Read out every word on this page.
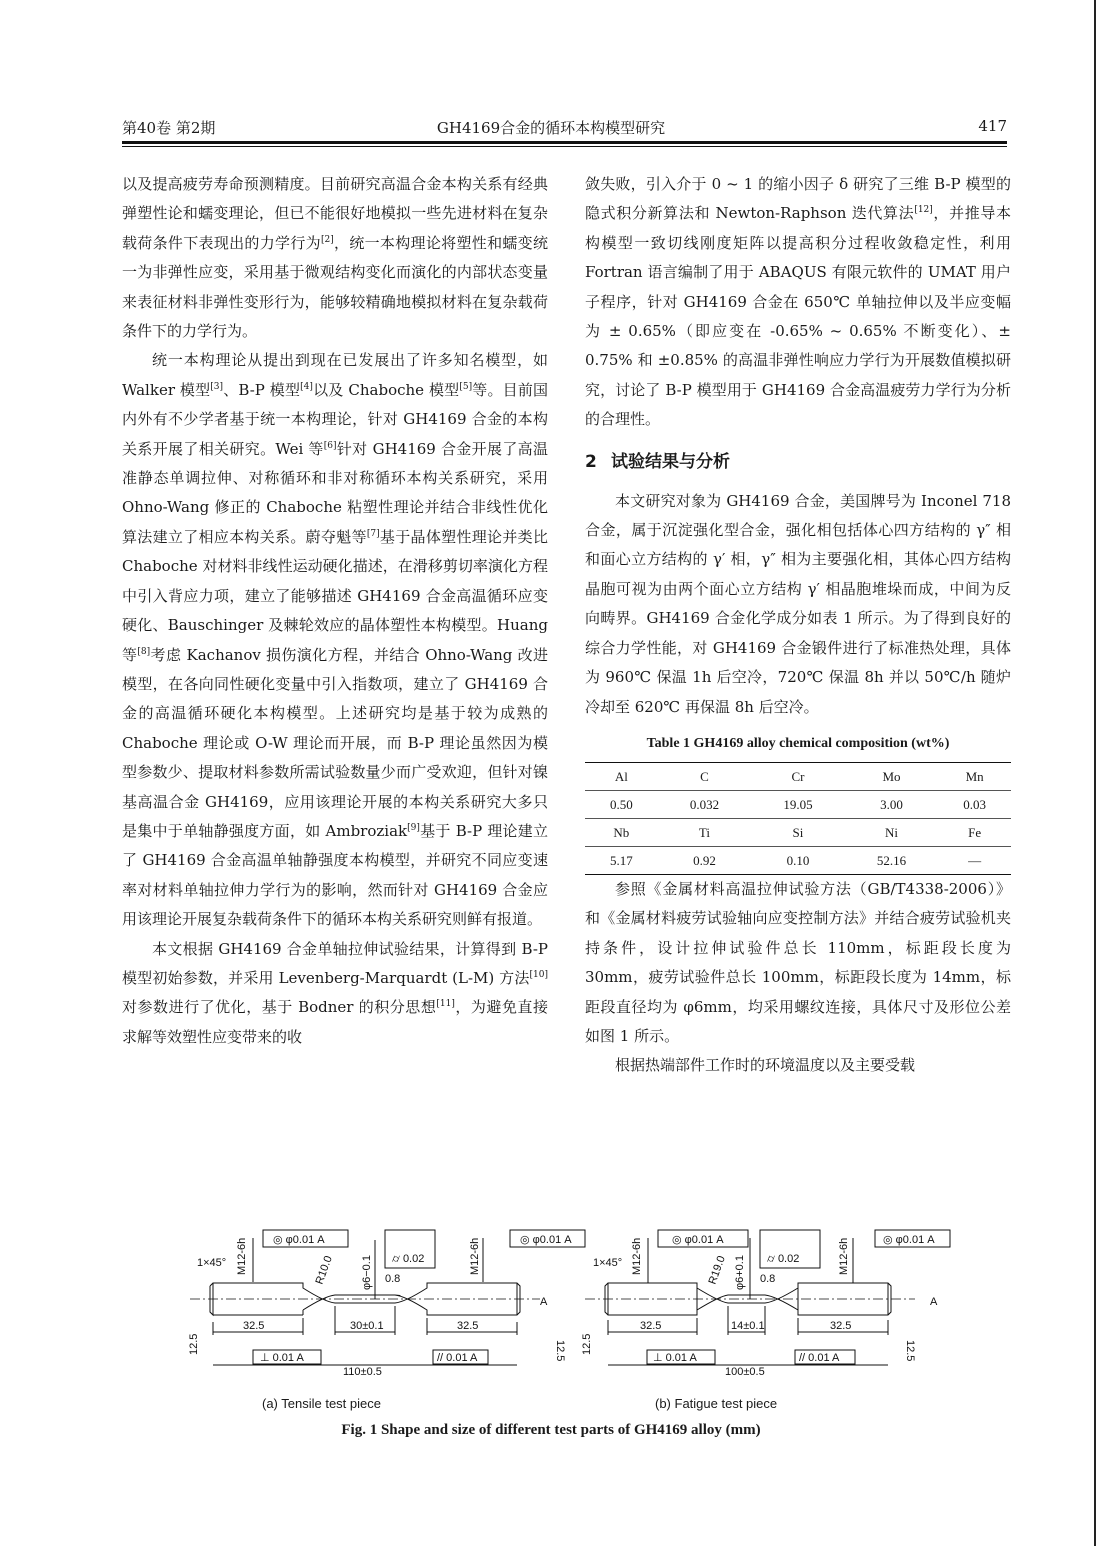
第40卷 第2期	GH4169合金的循环本构模型研究	417

以及提高疲劳寿命预测精度。目前研究高温合金本构关系有经典弹塑性论和蠕变理论，但已不能很好地模拟一些先进材料在复杂载荷条件下表现出的力学行为[2]，统一本构理论将塑性和蠕变统一为非弹性应变，采用基于微观结构变化而演化的内部状态变量来表征材料非弹性变形行为，能够较精确地模拟材料在复杂载荷条件下的力学行为。

统一本构理论从提出到现在已发展出了许多知名模型，如 Walker 模型[3]、B-P 模型[4]以及 Chaboche 模型[5]等。目前国内外有不少学者基于统一本构理论，针对 GH4169 合金的本构关系开展了相关研究。Wei 等[6]针对 GH4169 合金开展了高温准静态单调拉伸、对称循环和非对称循环本构关系研究，采用 Ohno-Wang 修正的 Chaboche 粘塑性理论并结合非线性优化算法建立了相应本构关系。蔚夺魁等[7]基于晶体塑性理论并类比 Chaboche 对材料非线性运动硬化描述，在滑移剪切率演化方程中引入背应力项，建立了能够描述 GH4169 合金高温循环应变硬化、Bauschinger 及棘轮效应的晶体塑性本构模型。Huang 等[8]考虑 Kachanov 损伤演化方程，并结合 Ohno-Wang 改进模型，在各向同性硬化变量中引入指数项，建立了 GH4169 合金的高温循环硬化本构模型。上述研究均是基于较为成熟的 Chaboche 理论或 O-W 理论而开展，而 B-P 理论虽然因为模型参数少、提取材料参数所需试验数量少而广受欢迎，但针对镍基高温合金 GH4169，应用该理论开展的本构关系研究大多只是集中于单轴静强度方面，如 Ambroziak[9]基于 B-P 理论建立了 GH4169 合金高温单轴静强度本构模型，并研究不同应变速率对材料单轴拉伸力学行为的影响，然而针对 GH4169 合金应用该理论开展复杂载荷条件下的循环本构关系研究则鲜有报道。

本文根据 GH4169 合金单轴拉伸试验结果，计算得到 B-P 模型初始参数，并采用 Levenberg-Marquardt (L-M) 方法[10]对参数进行了优化，基于 Bodner 的积分思想[11]，为避免直接求解等效塑性应变带来的收

敛失败，引入介于 0 ~ 1 的缩小因子 δ 研究了三维 B-P 模型的隐式积分新算法和 Newton-Raphson 迭代算法[12]，并推导本构模型一致切线刚度矩阵以提高积分过程收敛稳定性，利用 Fortran 语言编制了用于 ABAQUS 有限元软件的 UMAT 用户子程序，针对 GH4169 合金在 650℃ 单轴拉伸以及半应变幅为 ± 0.65%（即应变在 -0.65% ~ 0.65% 不断变化）、± 0.75% 和 ±0.85% 的高温非弹性响应力学行为开展数值模拟研究，讨论了 B-P 模型用于 GH4169 合金高温疲劳力学行为分析的合理性。

2 试验结果与分析

本文研究对象为 GH4169 合金，美国牌号为 Inconel 718 合金，属于沉淀强化型合金，强化相包括体心四方结构的 γ″ 相和面心立方结构的 γ′ 相，γ″ 相为主要强化相，其体心四方结构晶胞可视为由两个面心立方结构 γ′ 相晶胞堆垛而成，中间为反向畴界。GH4169 合金化学成分如表 1 所示。为了得到良好的综合力学性能，对 GH4169 合金锻件进行了标准热处理，具体为 960℃ 保温 1h 后空冷，720℃ 保温 8h 并以 50℃/h 随炉冷却至 620℃ 再保温 8h 后空冷。

Table 1 GH4169 alloy chemical composition (wt%)
Al	C	Cr	Mo	Mn
0.50	0.032	19.05	3.00	0.03
Nb	Ti	Si	Ni	Fe
5.17	0.92	0.10	52.16	—

参照《金属材料高温拉伸试验方法（GB/T4338-2006）》和《金属材料疲劳试验轴向应变控制方法》并结合疲劳试验机夹持条件，设计拉伸试验件总长 110mm，标距段长度为 30mm，疲劳试验件总长 100mm，标距段长度为 14mm，标距段直径均为 φ6mm，均采用螺纹连接，具体尺寸及形位公差如图 1 所示。

根据热端部件工作时的环境温度以及主要受载

◎ φ0.01 A	◎ φ0.01 A
⌭ 0.02
1×45° M12-6h	M12-6h
R10.0 φ6−0.1 0.8
32.5	30±0.1	32.5
⊥ 0.01 A	// 0.01 A
110±0.5
12.5	12.5
A
◎ φ0.01 A	◎ φ0.01 A
⌭ 0.02
1×45° M12-6h	M12-6h
R19.0 φ6+0.1 0.8
32.5	14±0.1	32.5
⊥ 0.01 A	// 0.01 A
100±0.5
12.5	12.5
A
(a) Tensile test piece	(b) Fatigue test piece
Fig. 1 Shape and size of different test parts of GH4169 alloy (mm)
